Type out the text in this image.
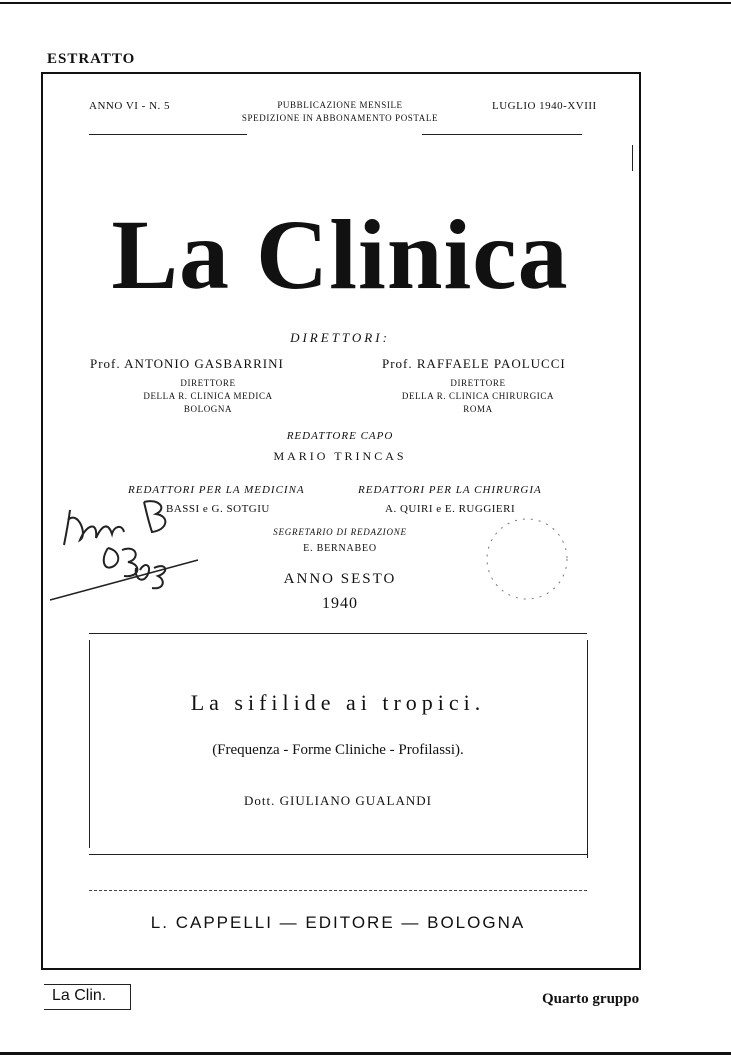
ESTRATTO
ANNO VI - N. 5	PUBBLICAZIONE MENSILE
SPEDIZIONE IN ABBONAMENTO POSTALE
LUGLIO 1940-XVIII
La Clinica
DIRETTORI:
Prof. ANTONIO GASBARRINI
DIRETTORE
DELLA R. CLINICA MEDICA
BOLOGNA
Prof. RAFFAELE PAOLUCCI
DIRETTORE
DELLA R. CLINICA CHIRURGICA
ROMA
REDATTORE CAPO
MARIO TRINCAS
REDATTORI PER LA MEDICINA	REDATTORI PER LA CHIRURGIA
BASSI e G. SOTGIU	A. QUIRI e E. RUGGIERI
SEGRETARIO DI REDAZIONE
E. BERNABEO
ANNO SESTO
1940
La sifilide ai tropici.
(Frequenza - Forme Cliniche - Profilassi).
Dott. GIULIANO GUALANDI
L. CAPPELLI — EDITORE — BOLOGNA
La Clin.	Quarto gruppo
